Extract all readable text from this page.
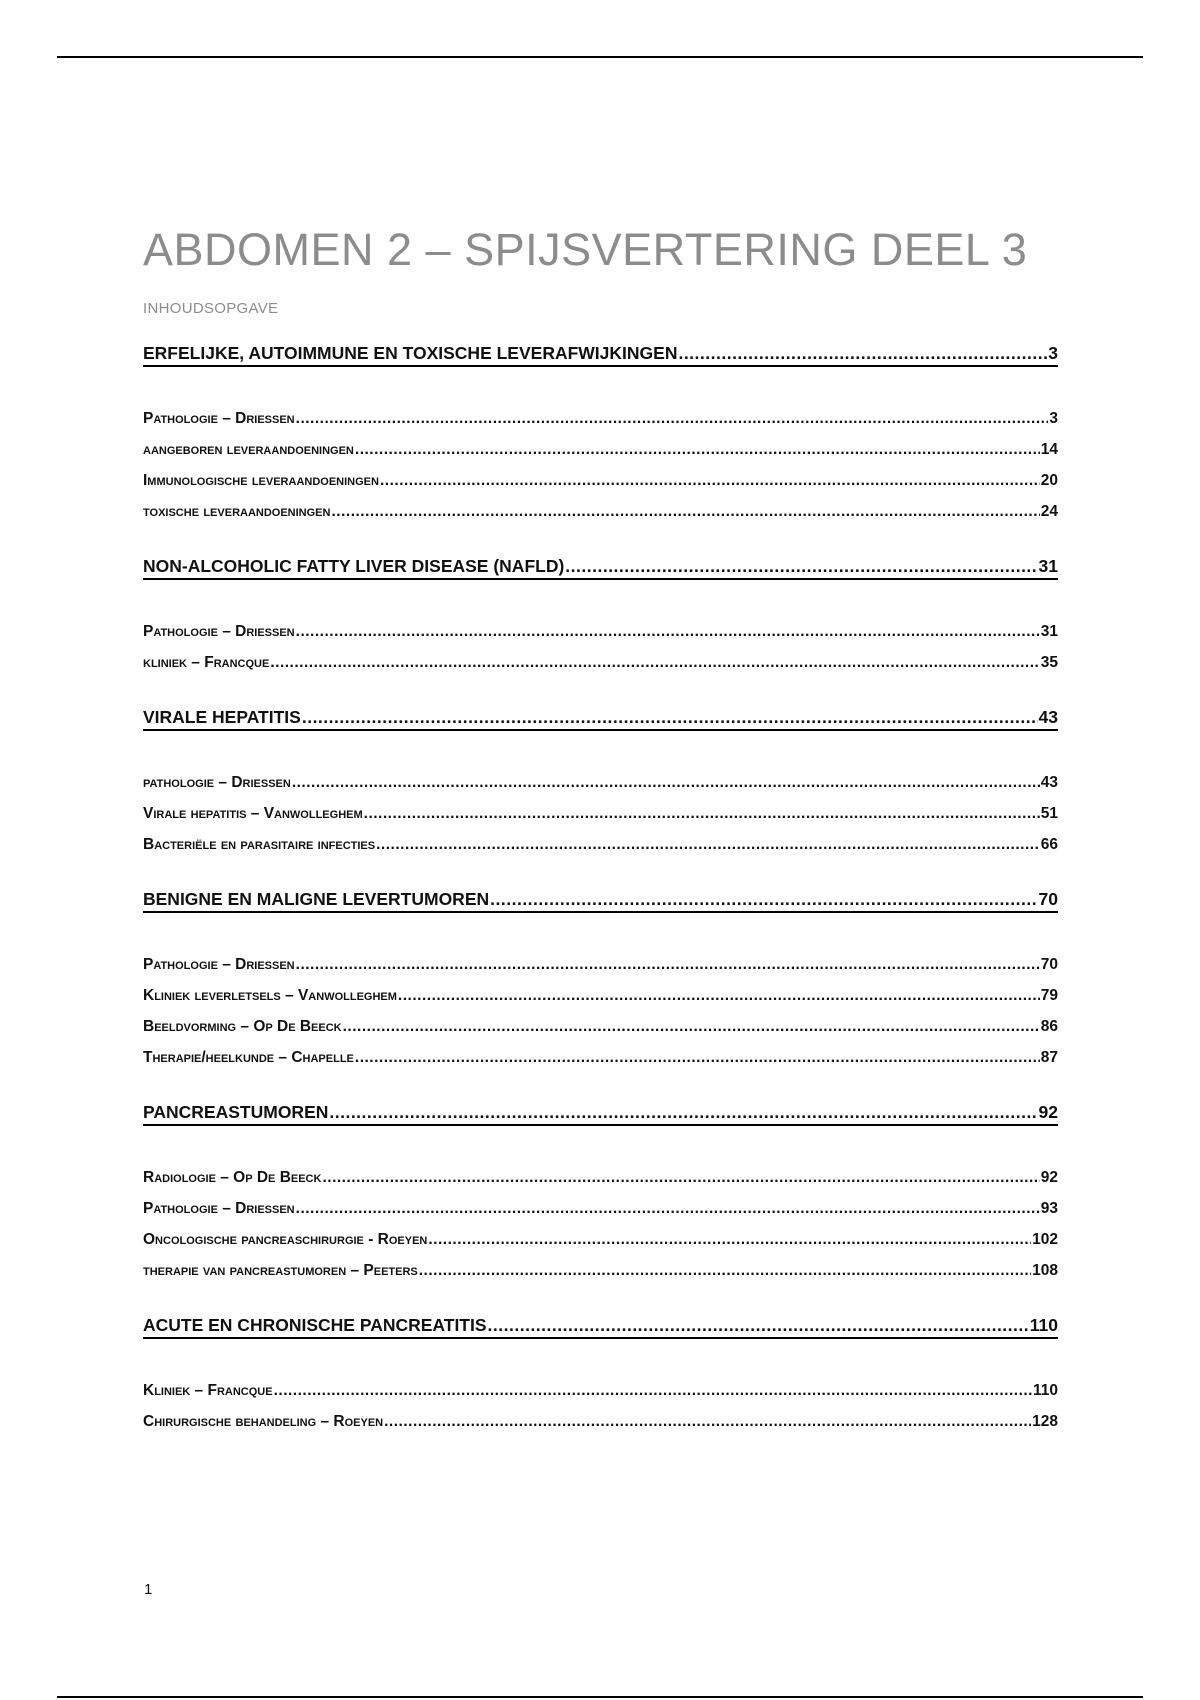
ABDOMEN 2 – SPIJSVERTERING DEEL 3
INHOUDSOPGAVE
ERFELIJKE, AUTOIMMUNE EN TOXISCHE LEVERAFWIJKINGEN .....	3
Pathologie – Driessen .....	3
aangeboren leveraandoeningen .....	14
Immunologische leveraandoeningen .....	20
toxische leveraandoeningen .....	24
NON-ALCOHOLIC FATTY LIVER DISEASE (NAFLD) .....	31
Pathologie – Driessen .....	31
kliniek – Francque .....	35
VIRALE HEPATITIS .....	43
pathologie – Driessen .....	43
Virale hepatitis – Vanwolleghem .....	51
Bacteriële en parasitaire infecties .....	66
BENIGNE EN MALIGNE LEVERTUMOREN .....	70
Pathologie – Driessen .....	70
Kliniek leverletsels – Vanwolleghem .....	79
Beeldvorming – Op De Beeck .....	86
Therapie/heelkunde – Chapelle .....	87
PANCREASTUMOREN .....	92
Radiologie – Op De Beeck .....	92
Pathologie – Driessen .....	93
Oncologische pancreaschirurgie - Roeyen .....	102
therapie van pancreastumoren – Peeters .....	108
ACUTE EN CHRONISCHE PANCREATITIS .....	110
Kliniek – Francque .....	110
Chirurgische behandeling – Roeyen .....	128
1
